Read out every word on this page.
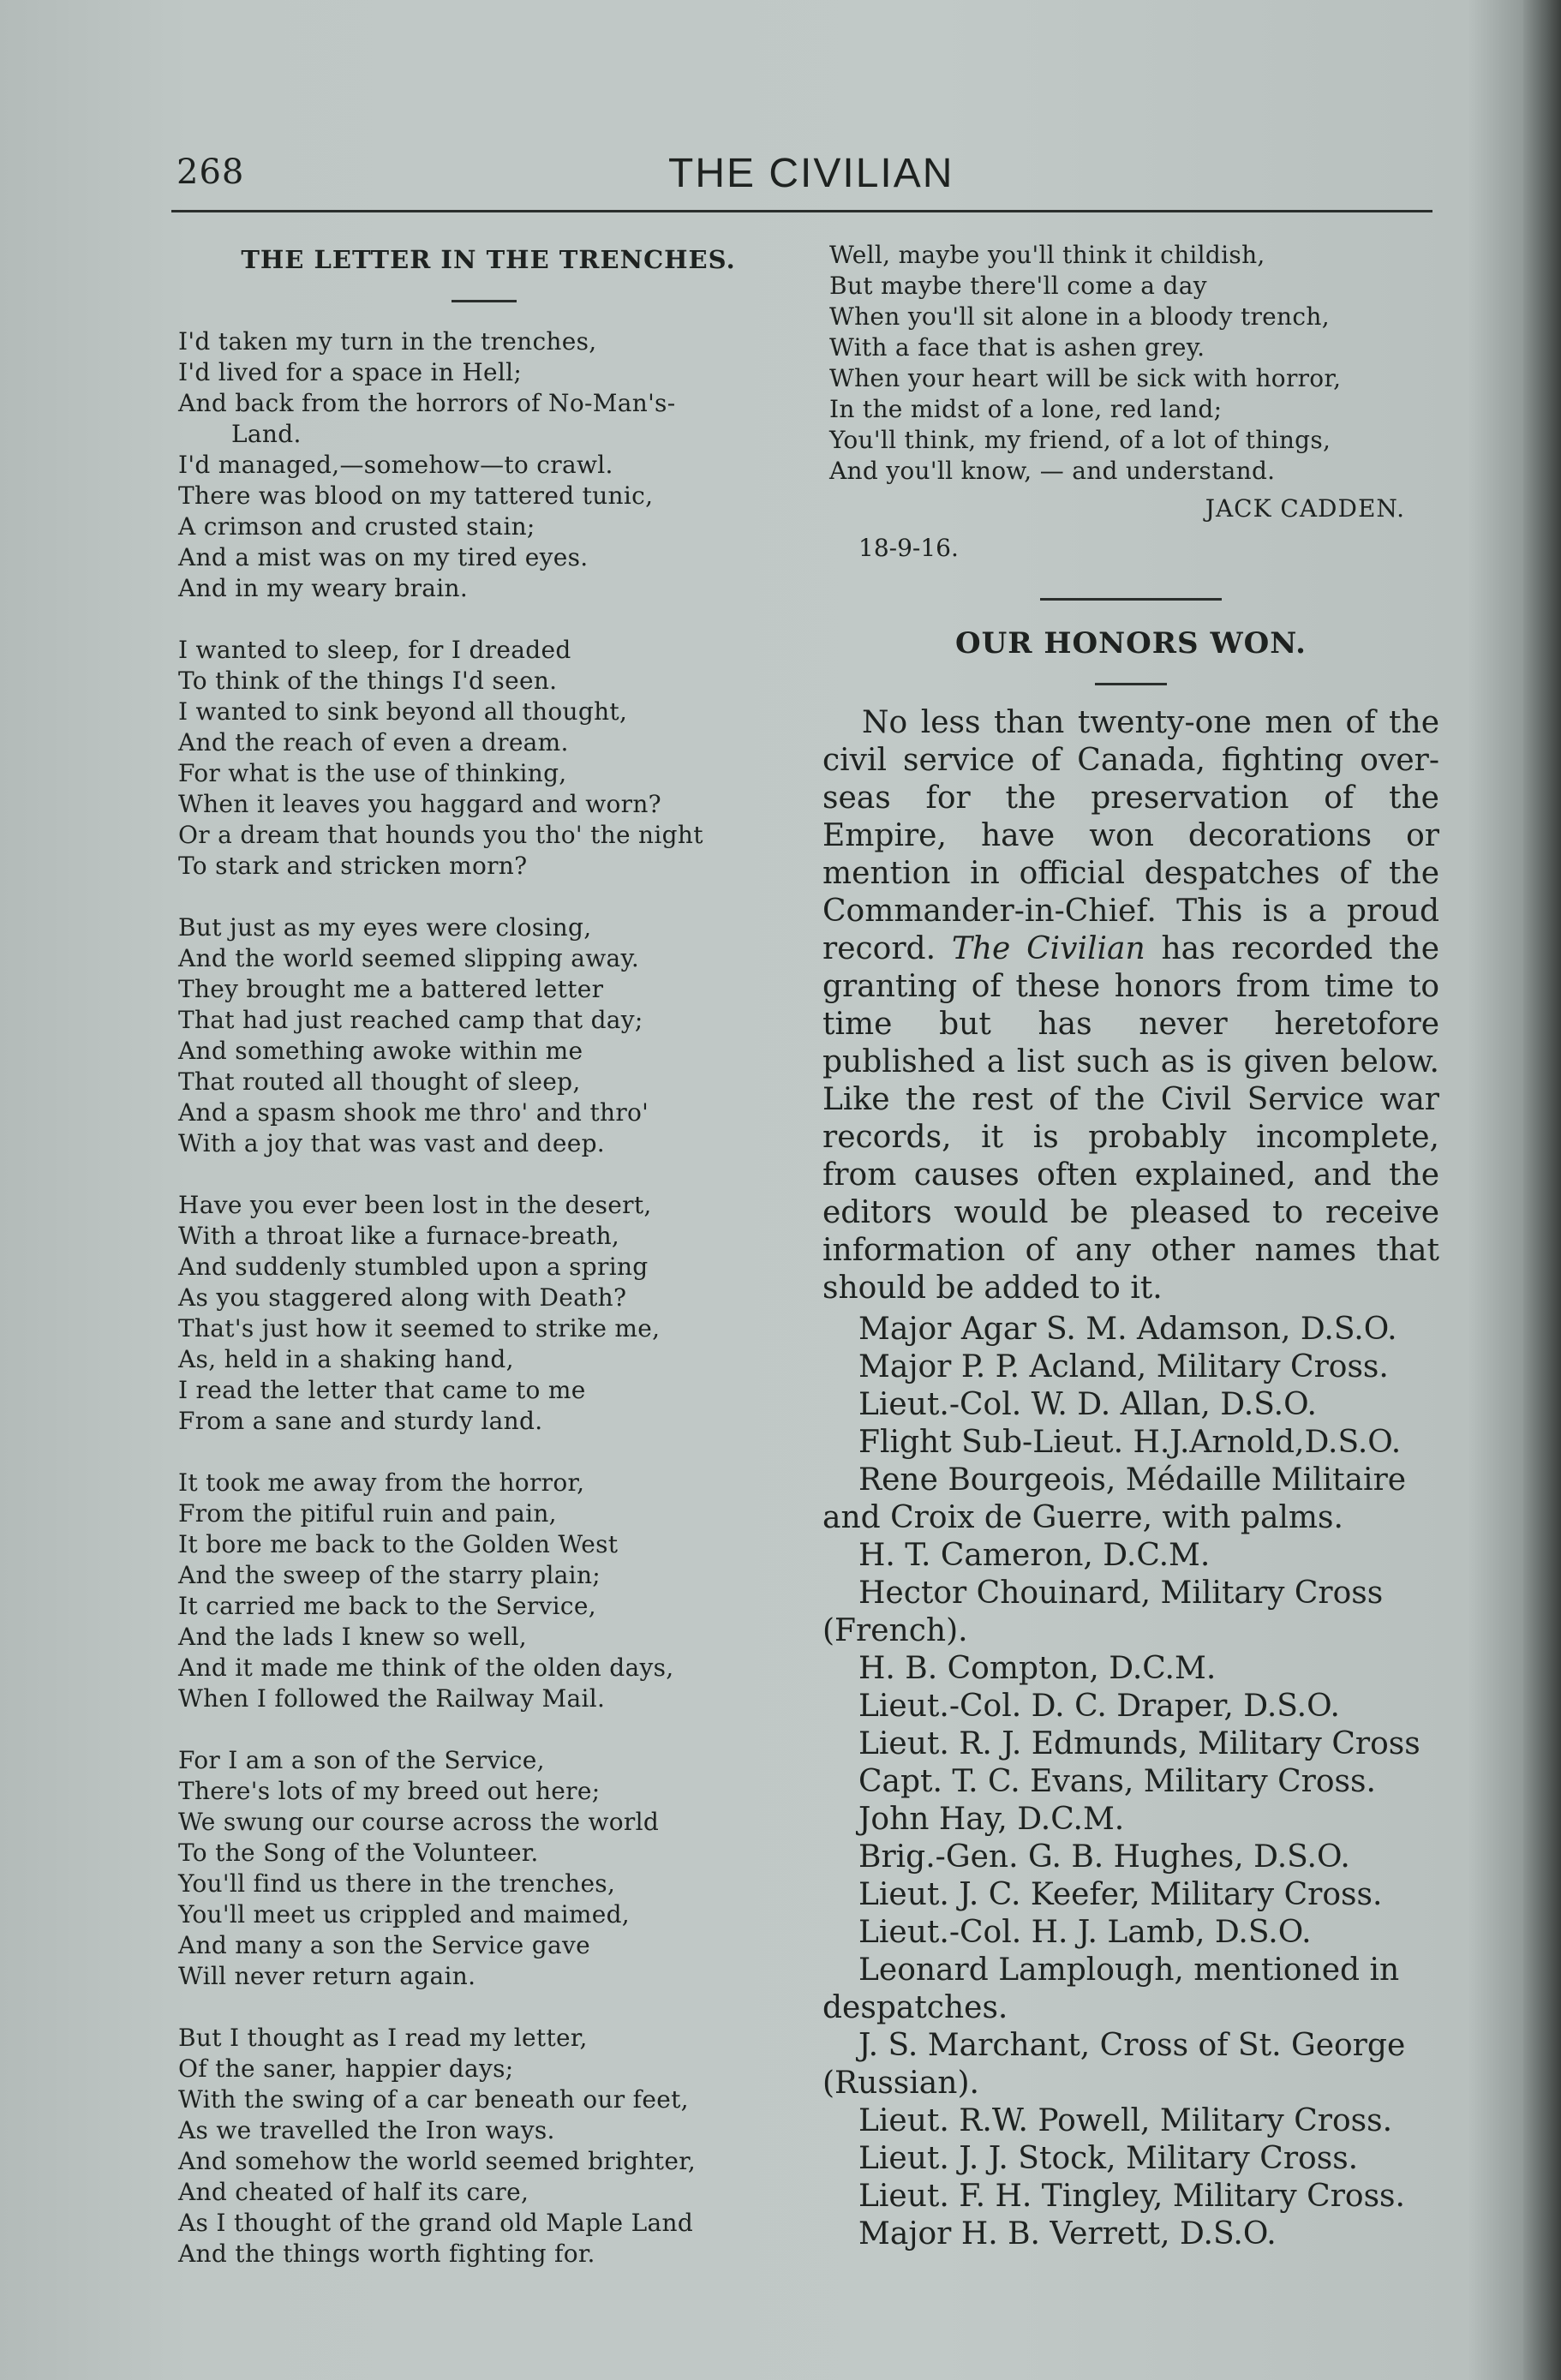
268	THE CIVILIAN
THE LETTER IN THE TRENCHES.
I'd taken my turn in the trenches,
I'd lived for a space in Hell;
And back from the horrors of No-Man's-
Land.
I'd managed,—somehow—to crawl.
There was blood on my tattered tunic,
A crimson and crusted stain;
And a mist was on my tired eyes.
And in my weary brain.
I wanted to sleep, for I dreaded
To think of the things I'd seen.
I wanted to sink beyond all thought,
And the reach of even a dream.
For what is the use of thinking,
When it leaves you haggard and worn?
Or a dream that hounds you tho' the night
To stark and stricken morn?
But just as my eyes were closing,
And the world seemed slipping away.
They brought me a battered letter
That had just reached camp that day;
And something awoke within me
That routed all thought of sleep,
And a spasm shook me thro' and thro'
With a joy that was vast and deep.
Have you ever been lost in the desert,
With a throat like a furnace-breath,
And suddenly stumbled upon a spring
As you staggered along with Death?
That's just how it seemed to strike me,
As, held in a shaking hand,
I read the letter that came to me
From a sane and sturdy land.
It took me away from the horror,
From the pitiful ruin and pain,
It bore me back to the Golden West
And the sweep of the starry plain;
It carried me back to the Service,
And the lads I knew so well,
And it made me think of the olden days,
When I followed the Railway Mail.
For I am a son of the Service,
There's lots of my breed out here;
We swung our course across the world
To the Song of the Volunteer.
You'll find us there in the trenches,
You'll meet us crippled and maimed,
And many a son the Service gave
Will never return again.
But I thought as I read my letter,
Of the saner, happier days;
With the swing of a car beneath our feet,
As we travelled the Iron ways.
And somehow the world seemed brighter,
And cheated of half its care,
As I thought of the grand old Maple Land
And the things worth fighting for.
Well, maybe you'll think it childish,
But maybe there'll come a day
When you'll sit alone in a bloody trench,
With a face that is ashen grey.
When your heart will be sick with horror,
In the midst of a lone, red land;
You'll think, my friend, of a lot of things,
And you'll know, — and understand.
JACK CADDEN.
18-9-16.
OUR HONORS WON.

No less than twenty-one men of the civil service of Canada, fighting over-seas for the preservation of the Empire, have won decorations or mention in official despatches of the Commander-in-Chief. This is a proud record. The Civilian has recorded the granting of these honors from time to time but has never heretofore published a list such as is given below. Like the rest of the Civil Service war records, it is probably incomplete, from causes often explained, and the editors would be pleased to receive information of any other names that should be added to it.

Major Agar S. M. Adamson, D.S.O.
Major P. P. Acland, Military Cross.
Lieut.-Col. W. D. Allan, D.S.O.
Flight Sub-Lieut. H.J.Arnold,D.S.O.
Rene Bourgeois, Médaille Militaire and Croix de Guerre, with palms.
H. T. Cameron, D.C.M.
Hector Chouinard, Military Cross (French).
H. B. Compton, D.C.M.
Lieut.-Col. D. C. Draper, D.S.O.
Lieut. R. J. Edmunds, Military Cross
Capt. T. C. Evans, Military Cross.
John Hay, D.C.M.
Brig.-Gen. G. B. Hughes, D.S.O.
Lieut. J. C. Keefer, Military Cross.
Lieut.-Col. H. J. Lamb, D.S.O.
Leonard Lamplough, mentioned in despatches.
J. S. Marchant, Cross of St. George (Russian).
Lieut. R.W. Powell, Military Cross.
Lieut. J. J. Stock, Military Cross.
Lieut. F. H. Tingley, Military Cross.
Major H. B. Verrett, D.S.O.
